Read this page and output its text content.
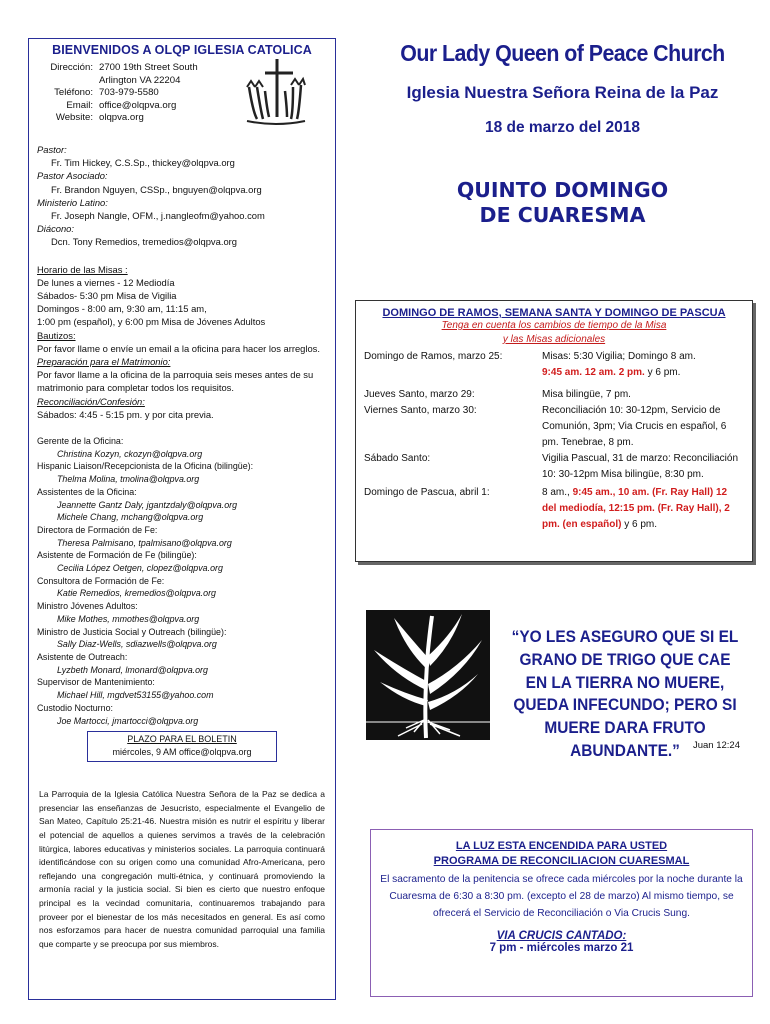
BIENVENIDOS A OLQP IGLESIA CATOLICA
Dirección: 2700 19th Street South
Arlington VA 22204
Teléfono: 703-979-5580
Email: office@olqpva.org
Website: olqpva.org
Pastor:
Fr. Tim Hickey, C.S.Sp., thickey@olqpva.org
Pastor Asociado:
Fr. Brandon Nguyen, CSSp., bnguyen@olqpva.org
Ministerio Latino:
Fr. Joseph Nangle, OFM., j.nangleofm@yahoo.com
Diácono:
Dcn. Tony Remedios, tremedios@olqpva.org
Horario de las Misas :
De lunes a viernes - 12 Mediodía
Sábados- 5:30 pm Misa de Vigilia
Domingos - 8:00 am, 9:30 am, 11:15 am,
1:00 pm (español), y 6:00 pm Misa de Jóvenes Adultos
Bautizos:
Por favor llame o envíe un email a la oficina para hacer los arreglos.
Preparación para el Matrimonio:
Por favor llame a la oficina de la parroquia seis meses antes de su matrimonio para completar todos los requisitos.
Reconciliación/Confesión:
Sábados: 4:45 - 5:15 pm. y por cita previa.
Gerente de la Oficina:
Christina Kozyn, ckozyn@olqpva.org
Hispanic Liaison/Recepcionista de la Oficina (bilingüe):
Thelma Molina, tmolina@olqpva.org
Assistentes de la Oficina:
Jeannette Gantz Daly, jgantzdaly@olqpva.org
Michele Chang, mchang@olqpva.org
Directora de Formación de Fe:
Theresa Palmisano, tpalmisano@olqpva.org
Asistente de Formación de Fe (bilingüe):
Cecilia López Oetgen, clopez@olqpva.org
Consultora de Formación de Fe:
Katie Remedios, kremedios@olqpva.org
Ministro Jóvenes Adultos:
Mike Mothes, mmothes@olqpva.org
Ministro de Justicia Social y Outreach (bilingüe):
Sally Diaz-Wells, sdiazwells@olqpva.org
Asistente de Outreach:
Lyzbeth Monard, lmonard@olqpva.org
Supervisor de Mantenimiento:
Michael Hill, mgdvet53155@yahoo.com
Custodio Nocturno:
Joe Martocci, jmartocci@olqpva.org
PLAZO PARA EL BOLETIN
miércoles, 9 AM office@olqpva.org
La Parroquia de la Iglesia Católica Nuestra Señora de la Paz se dedica a presenciar las enseñanzas de Jesucristo, especialmente el Evangelio de San Mateo, Capítulo 25:21-46. Nuestra misión es nutrir el espíritu y liberar el potencial de aquellos a quienes servimos a través de la celebración litúrgica, labores educativas y ministerios sociales. La parroquia continuará identificándose con su origen como una comunidad Afro-Americana, pero reflejando una congregación multi-étnica, y continuará promoviendo la armonía racial y la justicia social. Si bien es cierto que nuestro enfoque principal es la vecindad comunitaria, continuaremos trabajando para proveer por el bienestar de los más necesitados en general. Es así como nos esforzamos para hacer de nuestra comunidad parroquial una familia que comparte y se preocupa por sus miembros.
Our Lady Queen of Peace Church
Iglesia Nuestra Señora Reina de la Paz
18 de marzo del 2018
QUINTO DOMINGO
DE CUARESMA
DOMINGO DE RAMOS, SEMANA SANTA Y DOMINGO DE PASCUA
Tenga en cuenta los cambios de tiempo de la Misa
y las Misas adicionales
Domingo de Ramos, marzo 25:	Misas: 5:30 Vigilia; Domingo 8 am.
9:45 am. 12 am. 2 pm. y 6 pm.
Jueves Santo, marzo 29:	Misa bilingüe, 7 pm.
Viernes Santo, marzo 30:	Reconciliación 10: 30-12pm, Servicio de Comunión, 3pm; Via Crucis en español, 6 pm. Tenebrae, 8 pm.
Sábado Santo:	Vigilia Pascual, 31 de marzo: Reconciliación 10: 30-12pm Misa bilingüe, 8:30 pm.
Domingo de Pascua, abril 1:	8 am., 9:45 am., 10 am. (Fr. Ray Hall) 12 del mediodía, 12:15 pm. (Fr. Ray Hall), 2 pm. (en español) y 6 pm.
“YO LES ASEGURO QUE SI EL GRANO DE TRIGO QUE CAE EN LA TIERRA NO MUERE, QUEDA INFECUNDO; PERO SI MUERE DARA FRUTO ABUNDANTE.”	Juan 12:24
LA LUZ ESTA ENCENDIDA PARA USTED
PROGRAMA DE RECONCILIACION CUARESMAL
El sacramento de la penitencia se ofrece cada miércoles por la noche durante la Cuaresma de 6:30 a 8:30 pm. (excepto el 28 de marzo) Al mismo tiempo, se ofrecerá el Servicio de Reconciliación o Via Crucis Sung.
VIA CRUCIS CANTADO:
7 pm - miércoles marzo 21
